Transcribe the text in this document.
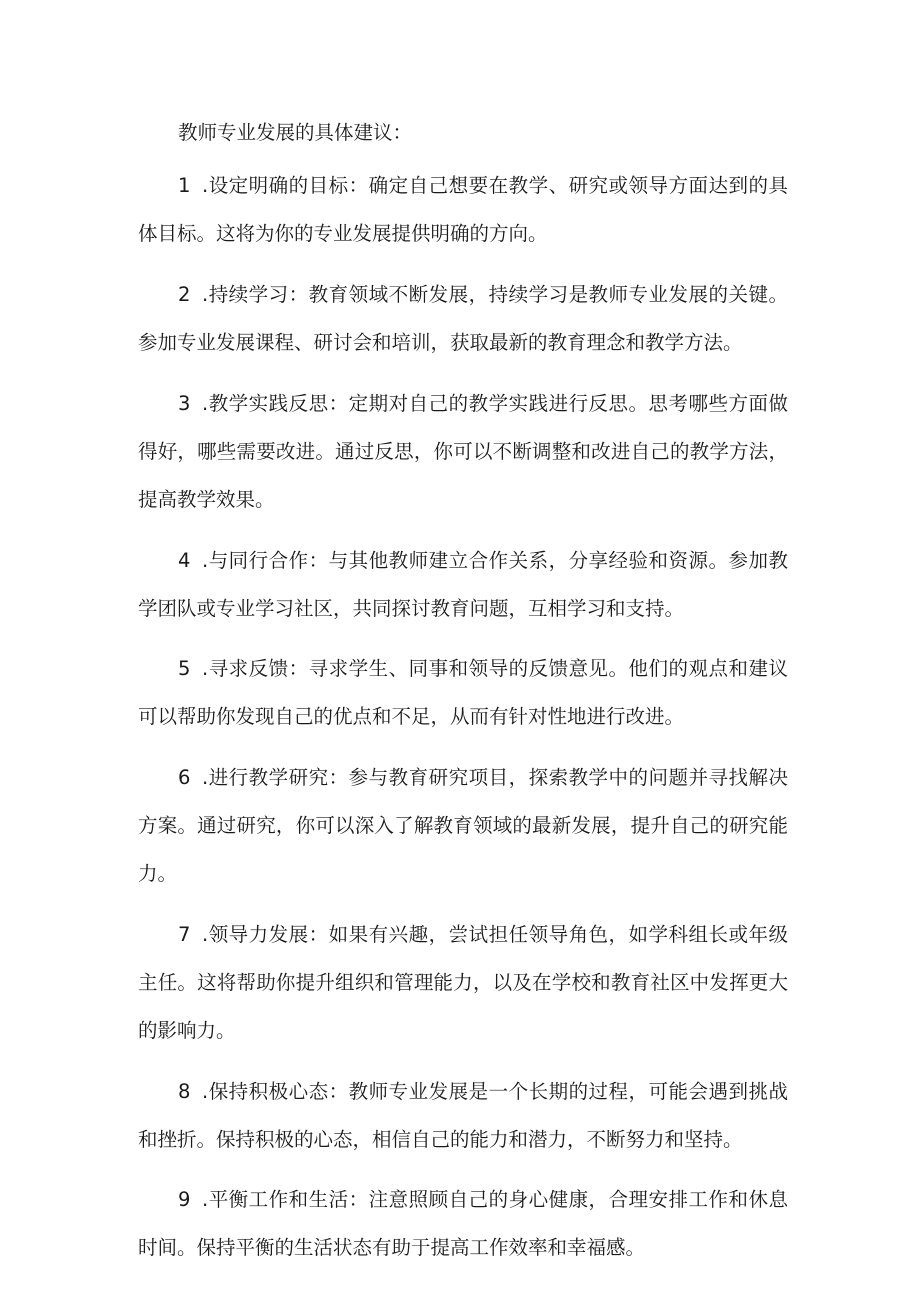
教师专业发展的具体建议：

1 .设定明确的目标：确定自己想要在教学、研究或领导方面达到的具体目标。这将为你的专业发展提供明确的方向。

2 .持续学习：教育领域不断发展，持续学习是教师专业发展的关键。参加专业发展课程、研讨会和培训，获取最新的教育理念和教学方法。

3 .教学实践反思：定期对自己的教学实践进行反思。思考哪些方面做得好，哪些需要改进。通过反思，你可以不断调整和改进自己的教学方法，提高教学效果。

4 .与同行合作：与其他教师建立合作关系，分享经验和资源。参加教学团队或专业学习社区，共同探讨教育问题，互相学习和支持。

5 .寻求反馈：寻求学生、同事和领导的反馈意见。他们的观点和建议可以帮助你发现自己的优点和不足，从而有针对性地进行改进。

6 .进行教学研究：参与教育研究项目，探索教学中的问题并寻找解决方案。通过研究，你可以深入了解教育领域的最新发展，提升自己的研究能力。

7 .领导力发展：如果有兴趣，尝试担任领导角色，如学科组长或年级主任。这将帮助你提升组织和管理能力，以及在学校和教育社区中发挥更大的影响力。

8 .保持积极心态：教师专业发展是一个长期的过程，可能会遇到挑战和挫折。保持积极的心态，相信自己的能力和潜力，不断努力和坚持。

9 .平衡工作和生活：注意照顾自己的身心健康，合理安排工作和休息时间。保持平衡的生活状态有助于提高工作效率和幸福感。
